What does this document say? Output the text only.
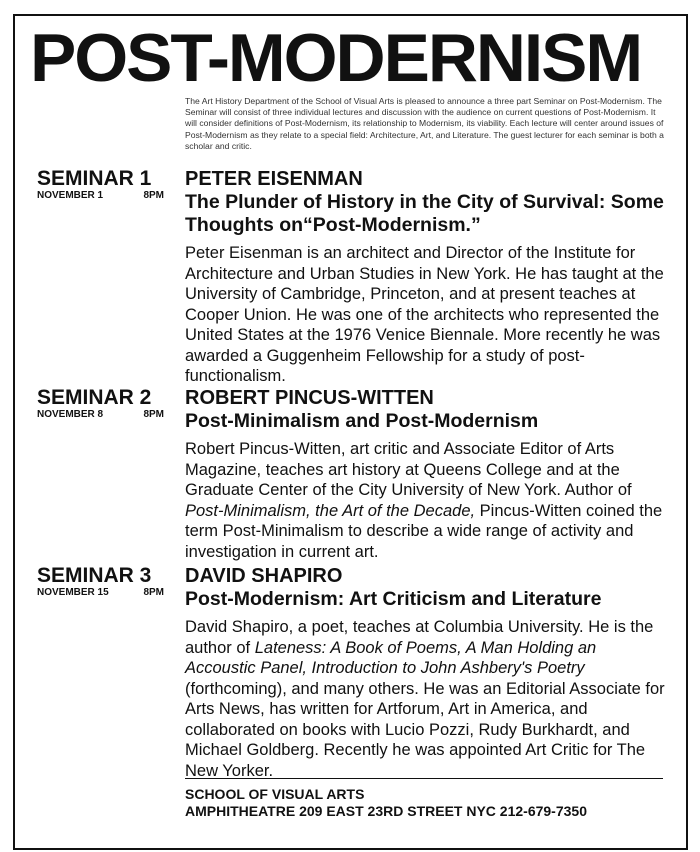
POST-MODERNISM
The Art History Department of the School of Visual Arts is pleased to announce a three part Seminar on Post-Modernism. The Seminar will consist of three individual lectures and discussion with the audience on current questions of Post-Modernism. It will consider definitions of Post-Modernism, its relationship to Modernism, its viability. Each lecture will center around issues of Post-Modernism as they relate to a special field: Architecture, Art, and Literature. The guest lecturer for each seminar is both a scholar and critic.
SEMINAR 1
NOVEMBER 1	8PM
PETER EISENMAN
The Plunder of History in the City of Survival: Some Thoughts on“Post-Modernism.”
Peter Eisenman is an architect and Director of the Institute for Architecture and Urban Studies in New York. He has taught at the University of Cambridge, Princeton, and at present teaches at Cooper Union. He was one of the architects who represented the United States at the 1976 Venice Biennale. More recently he was awarded a Guggenheim Fellowship for a study of post-functionalism.
SEMINAR 2
NOVEMBER 8	8PM
ROBERT PINCUS-WITTEN
Post-Minimalism and Post-Modernism
Robert Pincus-Witten, art critic and Associate Editor of Arts Magazine, teaches art history at Queens College and at the Graduate Center of the City University of New York. Author of Post-Minimalism, the Art of the Decade, Pincus-Witten coined the term Post-Minimalism to describe a wide range of activity and investigation in current art.
SEMINAR 3
NOVEMBER 15	8PM
DAVID SHAPIRO
Post-Modernism: Art Criticism and Literature
David Shapiro, a poet, teaches at Columbia University. He is the author of Lateness: A Book of Poems, A Man Holding an Accoustic Panel, Introduction to John Ashbery's Poetry (forthcoming), and many others. He was an Editorial Associate for Arts News, has written for Artforum, Art in America, and collaborated on books with Lucio Pozzi, Rudy Burkhardt, and Michael Goldberg. Recently he was appointed Art Critic for The New Yorker.
SCHOOL OF VISUAL ARTS
AMPHITHEATRE 209 EAST 23RD STREET NYC 212-679-7350
